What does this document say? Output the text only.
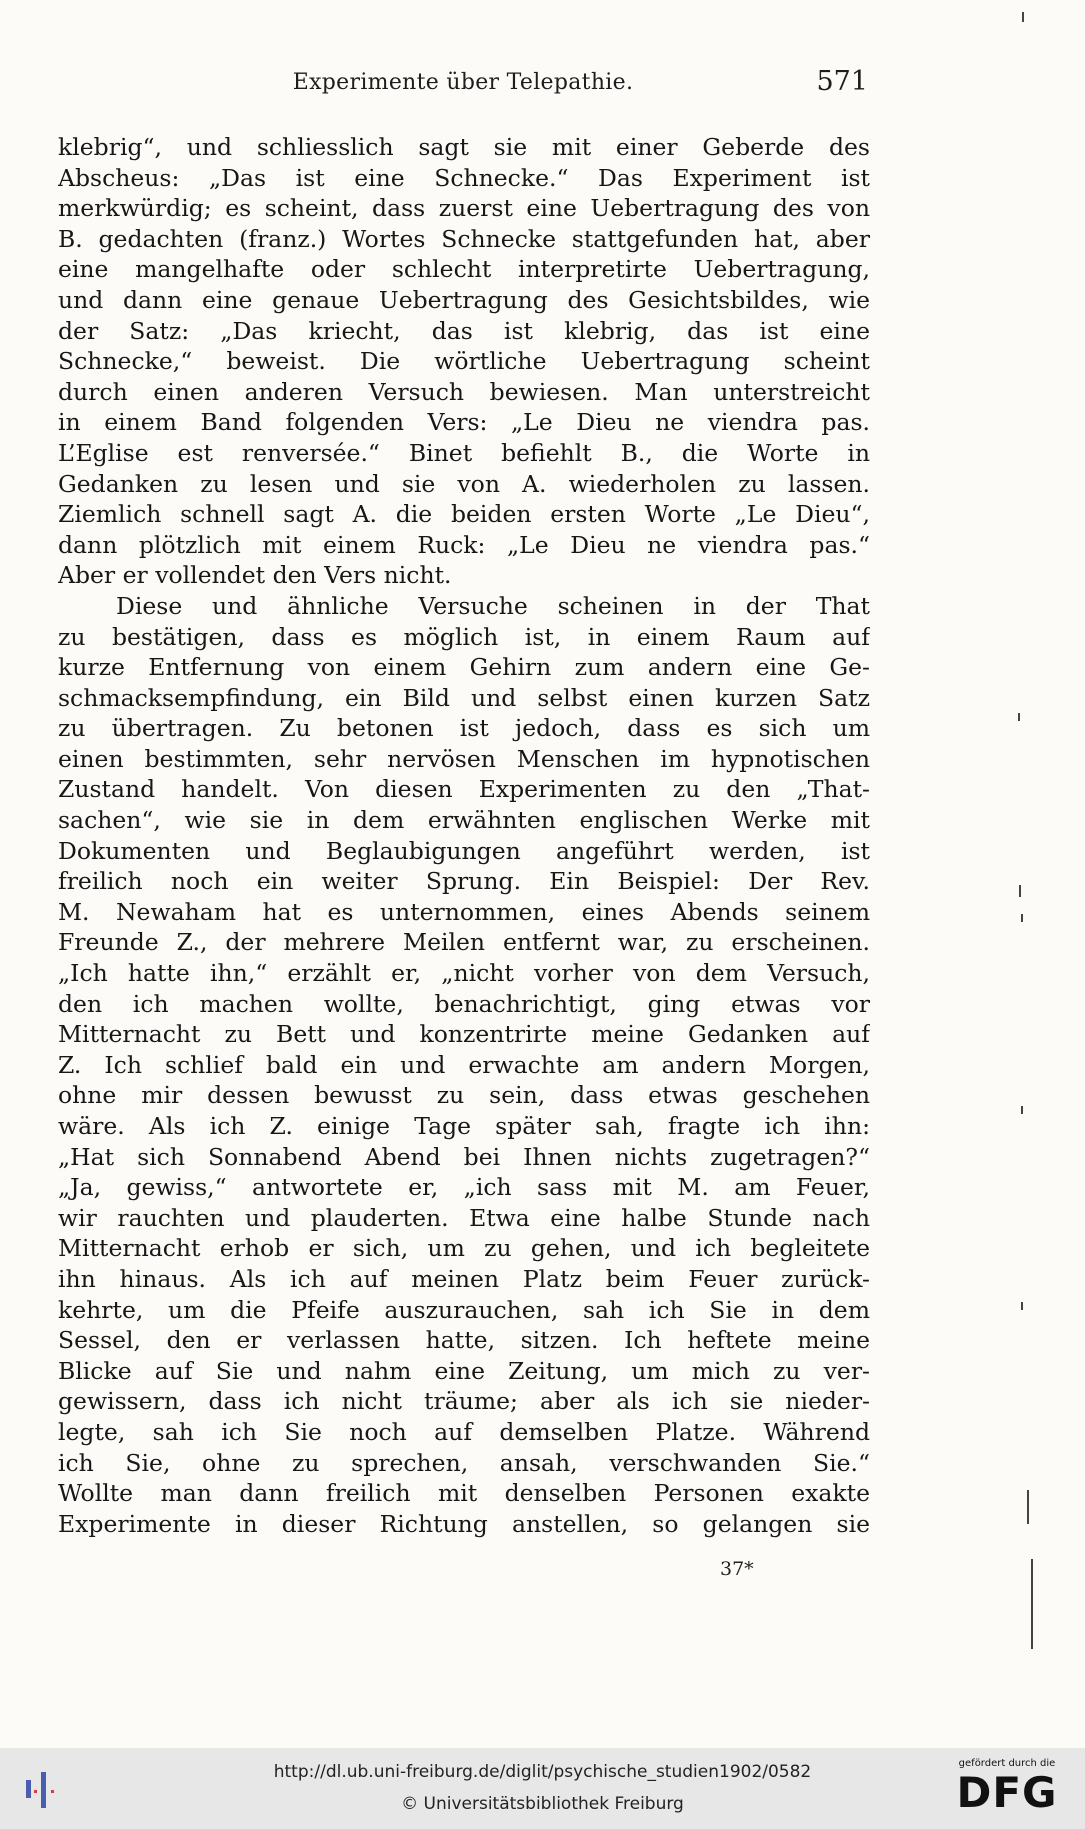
Experimente über Telepathie.	571
klebrig“, und schliesslich sagt sie mit einer Geberde des
Abscheus: „Das ist eine Schnecke.“ Das Experiment ist
merkwürdig; es scheint, dass zuerst eine Uebertragung des von
B. gedachten (franz.) Wortes Schnecke stattgefunden hat, aber
eine mangelhafte oder schlecht interpretirte Uebertragung,
und dann eine genaue Uebertragung des Gesichtsbildes, wie
der Satz: „Das kriecht, das ist klebrig, das ist eine
Schnecke,“ beweist. Die wörtliche Uebertragung scheint
durch einen anderen Versuch bewiesen. Man unterstreicht
in einem Band folgenden Vers: „Le Dieu ne viendra pas.
L’Eglise est renversée.“ Binet befiehlt B., die Worte in
Gedanken zu lesen und sie von A. wiederholen zu lassen.
Ziemlich schnell sagt A. die beiden ersten Worte „Le Dieu“,
dann plötzlich mit einem Ruck: „Le Dieu ne viendra pas.“
Aber er vollendet den Vers nicht.
Diese und ähnliche Versuche scheinen in der That
zu bestätigen, dass es möglich ist, in einem Raum auf
kurze Entfernung von einem Gehirn zum andern eine Ge-
schmacksempfindung, ein Bild und selbst einen kurzen Satz
zu übertragen. Zu betonen ist jedoch, dass es sich um
einen bestimmten, sehr nervösen Menschen im hypnotischen
Zustand handelt. Von diesen Experimenten zu den „That-
sachen“, wie sie in dem erwähnten englischen Werke mit
Dokumenten und Beglaubigungen angeführt werden, ist
freilich noch ein weiter Sprung. Ein Beispiel: Der Rev.
M. Newaham hat es unternommen, eines Abends seinem
Freunde Z., der mehrere Meilen entfernt war, zu erscheinen.
„Ich hatte ihn,“ erzählt er, „nicht vorher von dem Versuch,
den ich machen wollte, benachrichtigt, ging etwas vor
Mitternacht zu Bett und konzentrirte meine Gedanken auf
Z. Ich schlief bald ein und erwachte am andern Morgen,
ohne mir dessen bewusst zu sein, dass etwas geschehen
wäre. Als ich Z. einige Tage später sah, fragte ich ihn:
„Hat sich Sonnabend Abend bei Ihnen nichts zugetragen?“
„Ja, gewiss,“ antwortete er, „ich sass mit M. am Feuer,
wir rauchten und plauderten. Etwa eine halbe Stunde nach
Mitternacht erhob er sich, um zu gehen, und ich begleitete
ihn hinaus. Als ich auf meinen Platz beim Feuer zurück-
kehrte, um die Pfeife auszurauchen, sah ich Sie in dem
Sessel, den er verlassen hatte, sitzen. Ich heftete meine
Blicke auf Sie und nahm eine Zeitung, um mich zu ver-
gewissern, dass ich nicht träume; aber als ich sie nieder-
legte, sah ich Sie noch auf demselben Platze. Während
ich Sie, ohne zu sprechen, ansah, verschwanden Sie.“
Wollte man dann freilich mit denselben Personen exakte
Experimente in dieser Richtung anstellen, so gelangen sie
37*
http://dl.ub.uni-freiburg.de/diglit/psychische_studien1902/0582
© Universitätsbibliothek Freiburg
gefördert durch die
DFG
